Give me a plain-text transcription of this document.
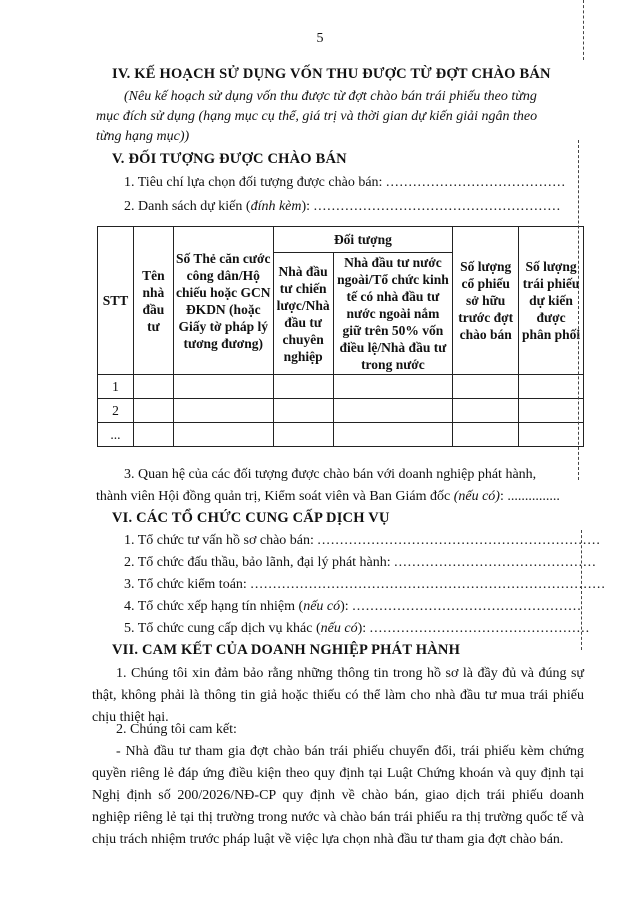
5
IV. KẾ HOẠCH SỬ DỤNG VỐN THU ĐƯỢC TỪ ĐỢT CHÀO BÁN
(Nêu kế hoạch sử dụng vốn thu được từ đợt chào bán trái phiếu theo từng
mục đích sử dụng (hạng mục cụ thể, giá trị và thời gian dự kiến giải ngân theo
từng hạng mục))
V. ĐỐI TƯỢNG ĐƯỢC CHÀO BÁN
1. Tiêu chí lựa chọn đối tượng được chào bán: ........................................
2. Danh sách dự kiến (đính kèm): .......................................................
STT	Tên nhà đầu tư	Số Thẻ căn cước công dân/Hộ chiếu hoặc GCN ĐKDN (hoặc Giấy tờ pháp lý tương đương)	Đối tượng		Số lượng cổ phiếu sở hữu trước đợt chào bán	Số lượng trái phiếu dự kiến được phân phối
			Nhà đầu tư chiến lược/Nhà đầu tư chuyên nghiệp	Nhà đầu tư nước ngoài/Tổ chức kinh tế có nhà đầu tư nước ngoài nắm giữ trên 50% vốn điều lệ/Nhà đầu tư trong nước		
1						
2						
...						
3. Quan hệ của các đối tượng được chào bán với doanh nghiệp phát hành,
thành viên Hội đồng quản trị, Kiểm soát viên và Ban Giám đốc (nếu có): ...............
VI. CÁC TỔ CHỨC CUNG CẤP DỊCH VỤ
1. Tổ chức tư vấn hồ sơ chào bán: ...............................................................
2. Tổ chức đấu thầu, bảo lãnh, đại lý phát hành: .............................................
3. Tổ chức kiểm toán: ...............................................................................
4. Tổ chức xếp hạng tín nhiệm (nếu có): ...................................................
5. Tổ chức cung cấp dịch vụ khác (nếu có): .................................................
VII. CAM KẾT CỦA DOANH NGHIỆP PHÁT HÀNH
1. Chúng tôi xin đảm bảo rằng những thông tin trong hồ sơ là đầy đủ và đúng sự thật, không phải là thông tin giả hoặc thiếu có thể làm cho nhà đầu tư mua trái phiếu chịu thiệt hại.
2. Chúng tôi cam kết:
- Nhà đầu tư tham gia đợt chào bán trái phiếu chuyển đổi, trái phiếu kèm chứng quyền riêng lẻ đáp ứng điều kiện theo quy định tại Luật Chứng khoán và quy định tại Nghị định số 200/2026/NĐ-CP quy định về chào bán, giao dịch trái phiếu doanh nghiệp riêng lẻ tại thị trường trong nước và chào bán trái phiếu ra thị trường quốc tế và chịu trách nhiệm trước pháp luật về việc lựa chọn nhà đầu tư tham gia đợt chào bán.
